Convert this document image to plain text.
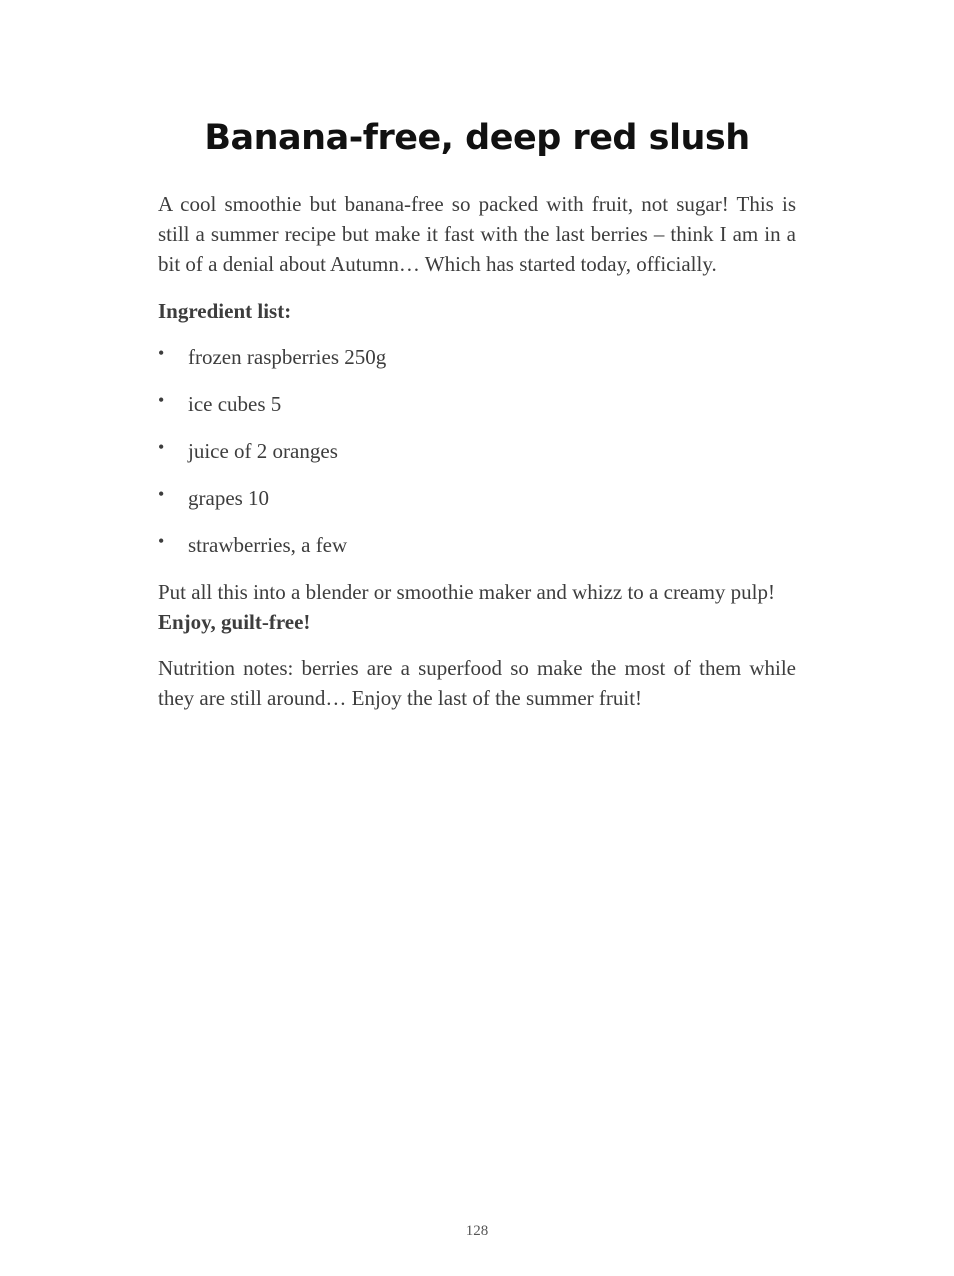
Banana-free, deep red slush

A cool smoothie but banana-free so packed with fruit, not sugar! This is still a summer recipe but make it fast with the last berries – think I am in a bit of a denial about Autumn… Which has started today, officially.

Ingredient list:

• frozen raspberries 250g
• ice cubes 5
• juice of 2 oranges
• grapes 10
• strawberries, a few

Put all this into a blender or smoothie maker and whizz to a creamy pulp!

Enjoy, guilt-free!

Nutrition notes: berries are a superfood so make the most of them while they are still around… Enjoy the last of the summer fruit!

128
